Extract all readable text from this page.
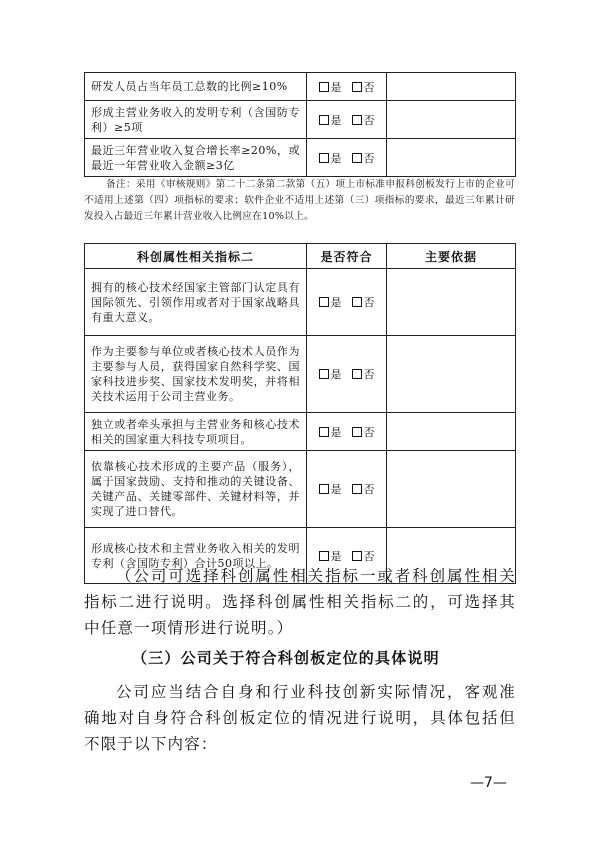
研发人员占当年员工总数的比例≥10%	是 否	

形成主营业务收入的发明专利（含国防专利）≥5项	是 否	

最近三年营业收入复合增长率≥20%，或最近一年营业收入金额≥3亿	是 否	

备注：采用《审核规则》第二十二条第二款第（五）项上市标准申报科创板发行上市的企业可不适用上述第（四）项指标的要求；软件企业不适用上述第（三）项指标的要求，最近三年累计研发投入占最近三年累计营业收入比例应在10%以上。

科创属性相关指标二	是否符合	主要依据

拥有的核心技术经国家主管部门认定具有国际领先、引领作用或者对于国家战略具有重大意义。	是 否	

作为主要参与单位或者核心技术人员作为主要参与人员，获得国家自然科学奖、国家科技进步奖、国家技术发明奖，并将相关技术运用于公司主营业务。	是 否	

独立或者牵头承担与主营业务和核心技术相关的国家重大科技专项项目。	是 否	

依靠核心技术形成的主要产品（服务），属于国家鼓励、支持和推动的关键设备、关键产品、关键零部件、关键材料等，并实现了进口替代。	是 否	

形成核心技术和主营业务收入相关的发明专利（含国防专利）合计50项以上。	是 否	

（公司可选择科创属性相关指标一或者科创属性相关指标二进行说明。选择科创属性相关指标二的，可选择其中任意一项情形进行说明。）

（三）公司关于符合科创板定位的具体说明

公司应当结合自身和行业科技创新实际情况，客观准确地对自身符合科创板定位的情况进行说明，具体包括但不限于以下内容：

—7—
